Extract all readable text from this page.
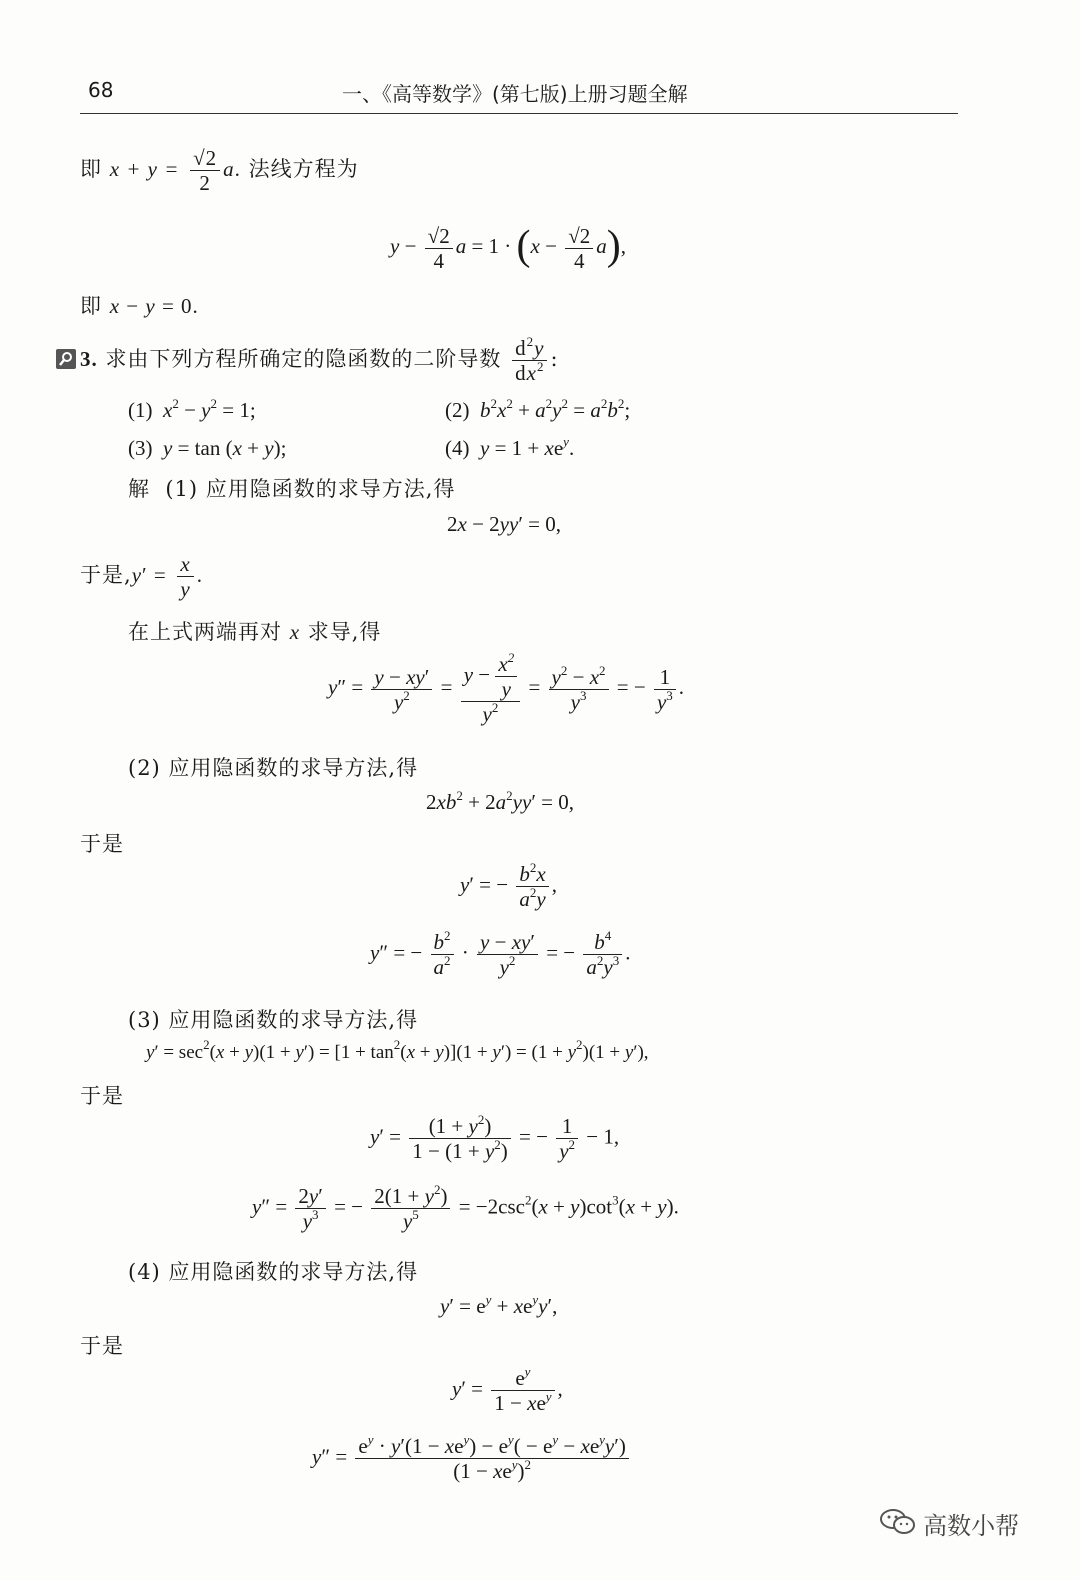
68	一、《高等数学》(第七版)上册习题全解
即 $x + y = \frac{√2}{2} a$. 法线方程为
$y - \frac{√2}{4}$ $a = 1 \cdot (x - \frac{√2}{4} a)$,
即 x − y = 0.
3. 求由下列方程所确定的隐函数的二阶导数 $\frac{d^2y}{dx^2}$ :
(1) $x^2 - y^2 = 1$;	(2) $b^2x^2 + a^2y^2 = a^2b^2$;
(3) y = tan (x + y);	(4) $y = 1 + xe^y$.
解 (1) 应用隐函数的求导方法,得
2x − 2yy′ = 0,
于是$,y' = \frac{x}{y}$ .
在上式两端再对 x 求导,得
$y'' = \frac{y - xy'}{y^2} = \frac{y - \frac{x^2}{y}}{y^2} = \frac{y^2 - x^2}{y^3}$ = − $\frac{1}{y^3}$ .
(2) 应用隐函数的求导方法,得
$2xb^2 + 2a^2yy' = 0$,
于是
y′ = − $\frac{b^2x}{a^2y}$ ,
y″ = − $\frac{b^2}{a^2} \cdot \frac{y - xy'}{y^2}$ = − $\frac{b^4}{a^2y^3}$ .
(3) 应用隐函数的求导方法,得
$y' = \sec^2(x + y)(1 + y') = [1 + \tan^2(x + y)](1 + y') = (1 + y^2)(1 + y')$,
于是
$y' = \frac{(1 + y^2)}{1 - (1 + y^2)}$ = − $\frac{1}{y^2} - 1$,
$y'' = \frac{2y'}{y^3}$ = − $\frac{2(1 + y^2)}{y^5} = -2\csc^2(x + y)\cot^3(x + y)$.
(4) 应用隐函数的求导方法,得
$y' = e^y + xe^yy'$,
于是
$y' = \frac{e^y}{1 - xe^y}$ ,
$y'' = \frac{e^y \cdot y'(1 - xe^y) - e^y( - e^y - xe^yy')}{(1 - xe^y)^2}$
高数小帮
